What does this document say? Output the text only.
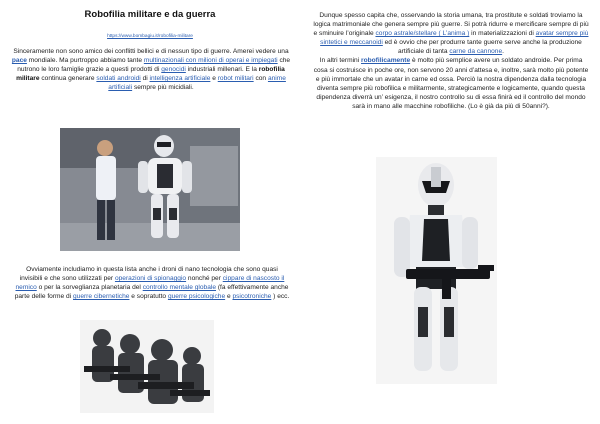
Robofilia militare e da guerra
https://www.bombagiu.it/robofilia-militare
Sinceramente non sono amico dei conflitti bellici e di nessun tipo di guerre. Amerei vedere una pace mondiale. Ma purtroppo abbiamo tante multinazionali con milioni di operai e impiegati che nutrono le loro famiglie grazie a questi prodotti di genocidi industriali millenari. E la robofilia militare continua generare soldati androidi di intelligenza artificiale e robot militari con anime artificiali sempre più micidiali.
Ovviamente includiamo in questa lista anche i droni di nano tecnologia che sono quasi invisibili e che sono utilizzati per operazioni di spionaggio nonché per cippare di nascosto il nemico o per la sorveglianza planetaria del controllo mentale globale (fa effettivamente anche parte delle forme di guerre cibernetiche e sopratutto guerre psicologiche e psicotroniche ) ecc.
Dunque spesso capita che, osservando la storia umana, tra prostitute e soldati troviamo la logica matrimoniale che genera sempre più guerre. Si potrà ridurre e mercificare sempre di più e sminuire l’originale corpo astrale/stellare ( L’anima ) in materializzazioni di avatar sempre più sintetici e meccanoidi ed è ovvio che per produrre tante guerre serve anche la produzione artificiale di tanta carne da cannone.
In altri termini robofilicamente è molto più semplice avere un soldato androide. Per prima cosa si costruisce in poche ore, non servono 20 anni d’attesa e, inoltre, sarà molto più potente e più immortale che un avatar in carne ed ossa. Perciò la nostra dipendenza dalla tecnologia diventa sempre più robofilica e militarmente, strategicamente e logicamente, quando questa dipendenza diverrà un’ esigenza, il nostro controllo su di essa finirà ed il controllo del mondo sarà in mano alle macchine robofiliche. (Lo è già da più di 50anni?).
